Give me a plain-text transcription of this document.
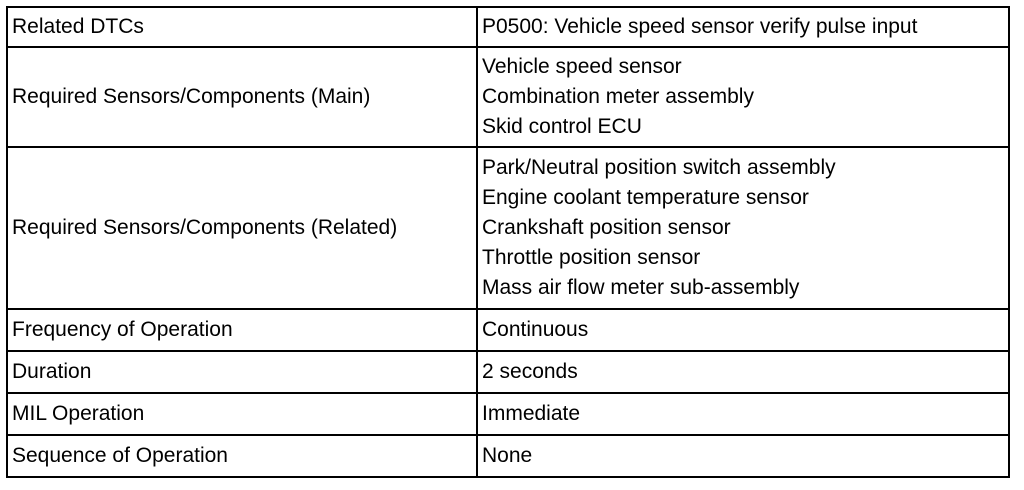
Related DTCs	P0500: Vehicle speed sensor verify pulse input

Required Sensors/Components (Main)	Vehicle speed sensor
Combination meter assembly
Skid control ECU

Required Sensors/Components (Related)	Park/Neutral position switch assembly
Engine coolant temperature sensor
Crankshaft position sensor
Throttle position sensor
Mass air flow meter sub-assembly

Frequency of Operation	Continuous

Duration	2 seconds

MIL Operation	Immediate

Sequence of Operation	None
